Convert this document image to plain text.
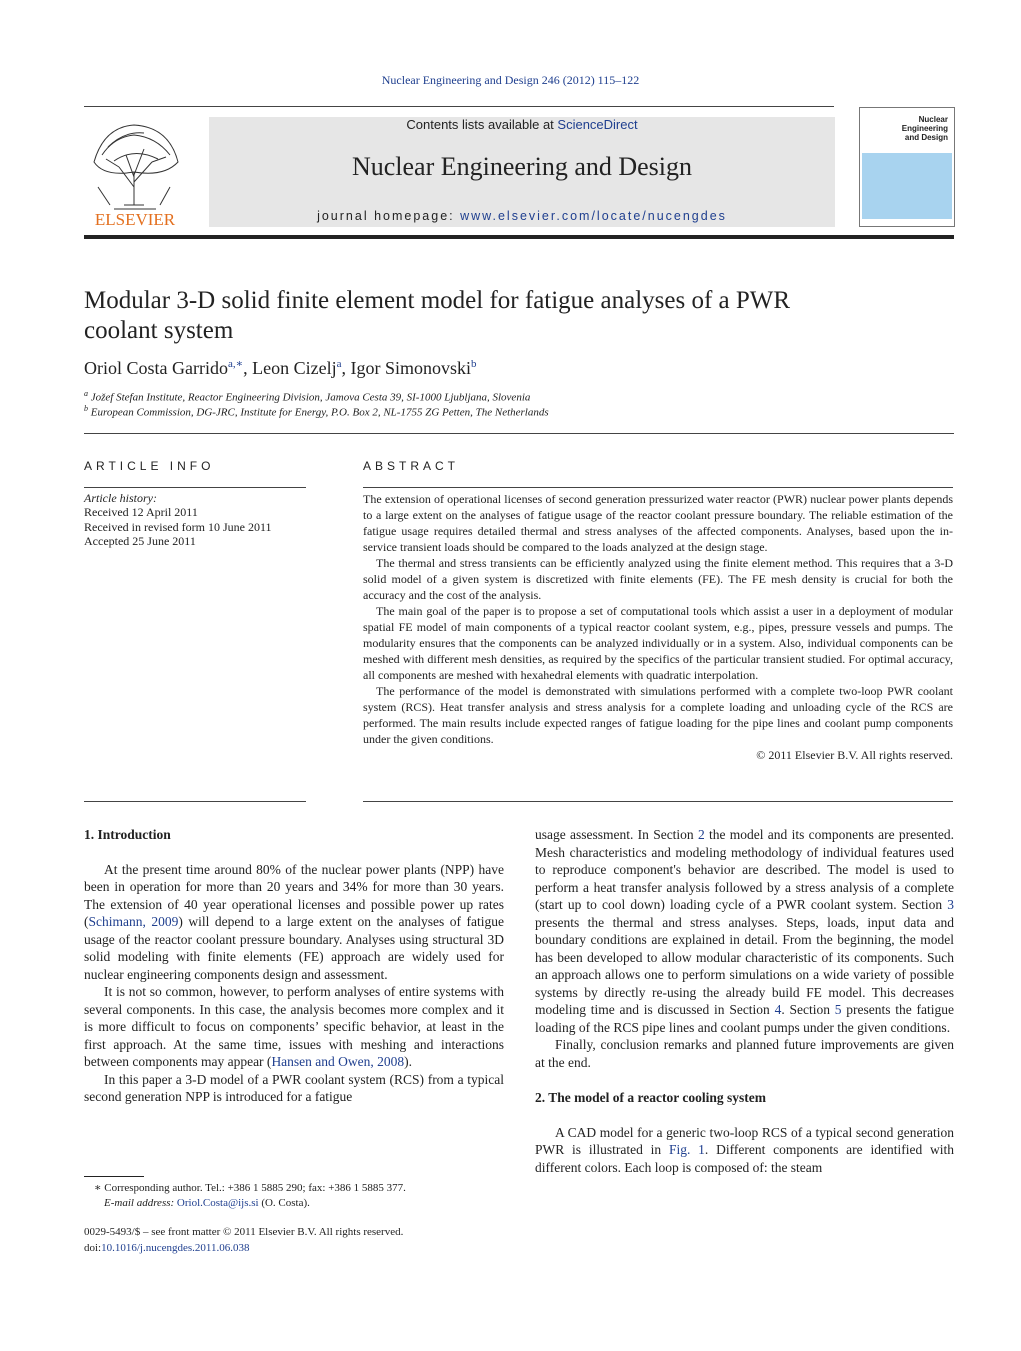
Nuclear Engineering and Design 246 (2012) 115–122
ELSEVIER
Contents lists available at ScienceDirect
Nuclear Engineering and Design
journal homepage: www.elsevier.com/locate/nucengdes
Nuclear Engineering
and Design
Modular 3-D solid finite element model for fatigue analyses of a PWR coolant system
Oriol Costa Garrido$^{a,∗}$, Leon Cizelj$^a$, Igor Simonovski$^b$
$^a$ Jožef Stefan Institute, Reactor Engineering Division, Jamova Cesta 39, SI-1000 Ljubljana, Slovenia
$^b$ European Commission, DG-JRC, Institute for Energy, P.O. Box 2, NL-1755 ZG Petten, The Netherlands
ARTICLE INFO
Article history:
Received 12 April 2011
Received in revised form 10 June 2011
Accepted 25 June 2011
ABSTRACT

The extension of operational licenses of second generation pressurized water reactor (PWR) nuclear power plants depends to a large extent on the analyses of fatigue usage of the reactor coolant pressure boundary. The reliable estimation of the fatigue usage requires detailed thermal and stress analyses of the affected components. Analyses, based upon the in-service transient loads should be compared to the loads analyzed at the design stage.

The thermal and stress transients can be efficiently analyzed using the finite element method. This requires that a 3-D solid model of a given system is discretized with finite elements (FE). The FE mesh density is crucial for both the accuracy and the cost of the analysis.

The main goal of the paper is to propose a set of computational tools which assist a user in a deployment of modular spatial FE model of main components of a typical reactor coolant system, e.g., pipes, pressure vessels and pumps. The modularity ensures that the components can be analyzed individually or in a system. Also, individual components can be meshed with different mesh densities, as required by the specifics of the particular transient studied. For optimal accuracy, all components are meshed with hexahedral elements with quadratic interpolation.

The performance of the model is demonstrated with simulations performed with a complete two-loop PWR coolant system (RCS). Heat transfer analysis and stress analysis for a complete loading and unloading cycle of the RCS are performed. The main results include expected ranges of fatigue loading for the pipe lines and coolant pump components under the given conditions.

© 2011 Elsevier B.V. All rights reserved.
1. Introduction

At the present time around 80% of the nuclear power plants (NPP) have been in operation for more than 20 years and 34% for more than 30 years. The extension of 40 year operational licenses and possible power up rates (Schimann, 2009) will depend to a large extent on the analyses of fatigue usage of the reactor coolant pressure boundary. Analyses using structural 3D solid modeling with finite elements (FE) approach are widely used for nuclear engineering components design and assessment.

It is not so common, however, to perform analyses of entire systems with several components. In this case, the analysis becomes more complex and it is more difficult to focus on components’ specific behavior, at least in the first approach. At the same time, issues with meshing and interactions between components may appear (Hansen and Owen, 2008).

In this paper a 3-D model of a PWR coolant system (RCS) from a typical second generation NPP is introduced for a fatigue

usage assessment. In Section 2 the model and its components are presented. Mesh characteristics and modeling methodology of individual features used to reproduce component's behavior are described. The model is used to perform a heat transfer analysis followed by a stress analysis of a complete (start up to cool down) loading cycle of a PWR coolant system. Section 3 presents the thermal and stress analyses. Steps, loads, input data and boundary conditions are explained in detail. From the beginning, the model has been developed to allow modular characteristic of its components. Such an approach allows one to perform simulations on a wide variety of possible systems by directly re-using the already build FE model. This decreases modeling time and is discussed in Section 4. Section 5 presents the fatigue loading of the RCS pipe lines and coolant pumps under the given conditions.

Finally, conclusion remarks and planned future improvements are given at the end.

2. The model of a reactor cooling system

A CAD model for a generic two-loop RCS of a typical second generation PWR is illustrated in Fig. 1. Different components are identified with different colors. Each loop is composed of: the steam

∗ Corresponding author. Tel.: +386 1 5885 290; fax: +386 1 5885 377.
E-mail address: Oriol.Costa@ijs.si (O. Costa).
0029-5493/$ – see front matter © 2011 Elsevier B.V. All rights reserved.
doi:10.1016/j.nucengdes.2011.06.038
